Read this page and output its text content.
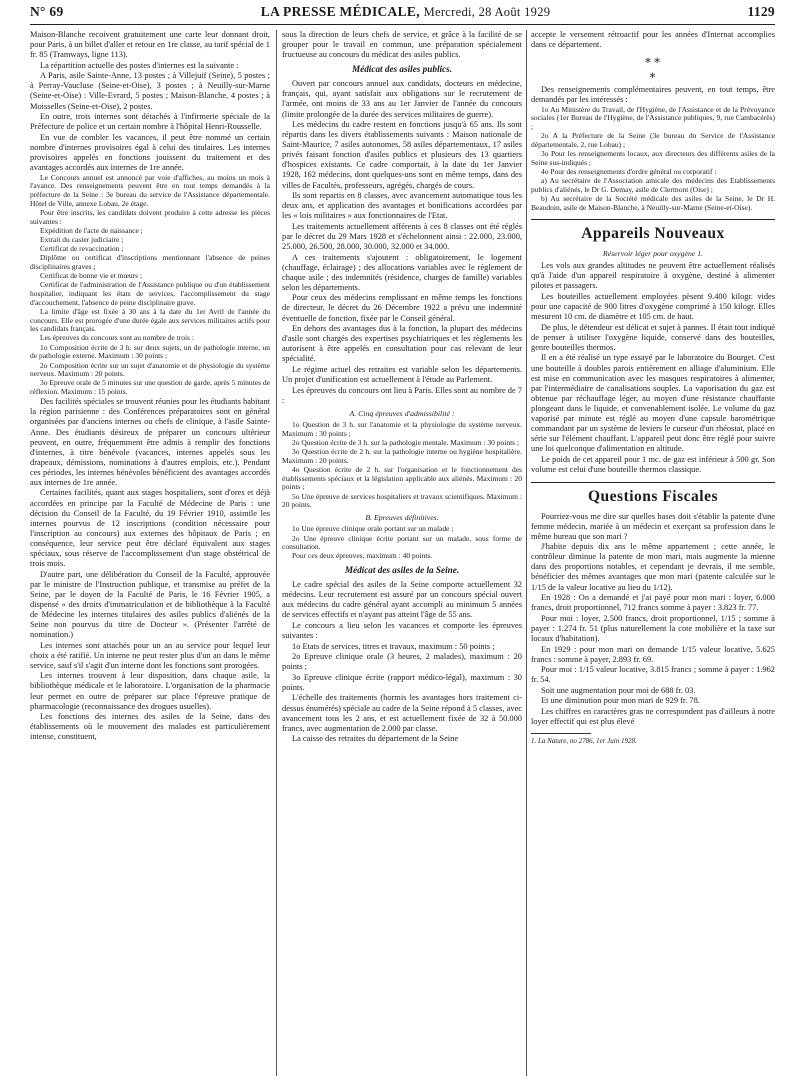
N° 69	LA PRESSE MÉDICALE, Mercredi, 28 Août 1929	1129

Maison-Blanche recoivent gratuitement une carte leur donnant droit, pour Paris, à un billet d'aller et retour en 1re classe, au tarif spécial de 1 fr. 85 (Tramways, ligne 113).

La répartition actuelle des postes d'internes est la suivante :

A Paris, asile Sainte-Anne, 13 postes ; à Villejuif (Seine), 5 postes ; à Perray-Vaucluse (Seine-et-Oise), 3 postes ; à Neuilly-sur-Marne (Seine-et-Oise) : Ville-Evrard, 5 postes ; Maison-Blanche, 4 postes ; à Moisselles (Seine-et-Oise), 2 postes.

En outre, trois internes sont détachés à l'infirmerie spéciale de la Préfecture de police et un certain nombre à l'hôpital Henri-Rousselle.

En vue de combler les vacances, il peut être nommé un certain nombre d'internes provisoires égal à celui des titulaires. Les internes provisoires appelés en fonctions jouissent du traitement et des avantages accordés aux internes de 1re année.

Le Concours annuel est annoncé par voie d'affiches, au moins un mois à l'avance. Des renseignements peuvent être en tout temps demandés à la préfecture de la Seine : 3e bureau du service de l'Assistance départementale. Hôtel de Ville, annexe Lobau, 2e étage.

Pour être inscrits, les candidats doivent produire à cette adresse les pièces suivantes :

Expédition de l'acte de naissance ;

Extrait du casier judiciaire ;

Certificat de revaccination ;

Diplôme ou certificat d'inscriptions mentionnant l'absence de peines disciplinaires graves ;

Certificat de bonne vie et mœurs ;

Certificat de l'administration de l'Assistance publique ou d'un établissement hospitalier, indiquant les états de services, l'accomplissement du stage d'accouchement, l'absence de peine disciplinaire grave.

La limite d'âge est fixée à 30 ans à la date du 1er Avril de l'année du concours. Elle est prorogée d'une durée égale aux services militaires actifs pour les candidats français.

Les épreuves du concours sont au nombre de trois :

1o Composition écrite de 3 h. sur deux sujets, un de pathologie interne, un de pathologie externe. Maximum : 30 points ;

2o Composition écrite sur un sujet d'anatomie et de physiologie du système nerveux. Maximum : 20 points.

3o Epreuve orale de 5 minutes sur une question de garde, après 5 minutes de réflexion. Maximum : 15 points.

Des facilités spéciales se trouvent réunies pour les étudiants habitant la région parisienne : des Conférences préparatoires sont en général organisées par d'anciens internes ou chefs de clinique, à l'asile Sainte-Anne. Des étudiants désireux de préparer un concours ultérieur peuvent, en outre, fréquemment être admis à remplir des fonctions d'internes, à titre bénévole (vacances, internes appelés sous les drapeaux, démissions, nominations à d'autres emplois, etc.). Pendant ces périodes, les internes bénévoles bénéficient des avantages accordés aux internes de 1re année.

Certaines facilités, quant aux stages hospitaliers, sont d'ores et déjà accordées en principe par la Faculté de Médecine de Paris : une décision du Conseil de la Faculté, du 19 Février 1910, assimile les internes pourvus de 12 inscriptions (condition nécessaire pour l'inscription au concours) aux externes des hôpitaux de Paris ; en conséquence, leur service peut être déclaré équivalent aux stages spéciaux, sous réserve de l'accomplissement d'un stage obstétrical de trois mois.

D'autre part, une délibération du Conseil de la Faculté, approuvée par le ministre de l'Instruction publique, et transmise au préfet de la Seine, par le doyen de la Faculté de Paris, le 16 Février 1905, a dispensé « des droits d'immatriculation et de bibliothèque à la Faculté de Médecine les internes titulaires des asiles publics d'aliénés de la Seine non pourvus du titre de Docteur ». (Présenter l'arrêté de nomination.)

Les internes sont attachés pour un an au service pour lequel leur choix a été ratifié. Un interne ne peut rester plus d'un an dans le même service, sauf s'il s'agit d'un interne dont les fonctions sont prorogées.

Les internes trouvent à leur disposition, dans chaque asile, la bibliothèque médicale et le laboratoire. L'organisation de la pharmacie leur permet en outre de préparer sur place l'épreuve pratique de pharmacologie (reconnaissance des drogues usuelles).

Les fonctions des internes des asiles de la Seine, dans des établissements où le mouvement des malades est particulièrement intense, constituent,

sous la direction de leurs chefs de service, et grâce à la facilité de se grouper pour le travail en commun, une préparation spécialement fructueuse au concours du médicat des asiles publics.

Médicat des asiles publics.

Ouvert par concours annuel aux candidats, docteurs en médecine, français, qui, ayant satisfait aux obligations sur le recrutement de l'armée, ont moins de 33 ans au 1er Janvier de l'année du concours (limite prolongée de la durée des services militaires de guerre).

Les médecins du cadre restent en fonctions jusqu'à 65 ans. Ils sont répartis dans les divers établissements suivants : Maison nationale de Saint-Maurice, 7 asiles autonomes, 58 asiles départementaux, 17 asiles privés faisant fonction d'asiles publics et plusieurs des 13 quartiers d'hospices existants. Ce cadre comportait, à la date du 1er Janvier 1928, 162 médecins, dont quelques-uns sont en même temps, dans des villes de Facultés, professeurs, agrégés, chargés de cours.

Ils sont repartis en 8 classes, avec avancement automatique tous les deux ans, et application des avantages et bonifications accordées par les « lois militaires » aux fonctionnaires de l'Etat.

Les traitements actuellement afférents à ces 8 classes ont été réglés par le décret du 29 Mars 1928 et s'échelonnent ainsi : 22.000, 23.000, 25.000, 26.500, 28.000, 30.000, 32.000 et 34.000.

A ces traitements s'ajoutent : obligatoirement, le logement (chauffage, éclairage) ; des allocations variables avec le règlement de chaque asile ; des indemnités (résidence, charges de famille) variables selon les départements.

Pour ceux des médecins remplissant en même temps les fonctions de directeur, le décret du 26 Décembre 1922 a prévu une indemnité éventuelle de fonction, fixée par le Conseil général.

En dehors des avantages dus à la fonction, la plupart des médecins d'asile sont chargés des expertises psychiatriques et les règlements les autorisent à être appelés en consultation pour cas relevant de leur spécialité.

Le régime actuel des retraites est variable selon les départements. Un projet d'unification est actuellement à l'étude au Parlement.

Les épreuves du concours ont lieu à Paris. Elles sont au nombre de 7 :

A. Cinq épreuves d'admissibilité :

1o Question de 3 h. sur l'anatomie et la physiologie du système nerveux. Maximum : 30 points ;

2o Question écrite de 3 h. sur la pathologie mentale. Maximum : 30 points ;

3o Question écrite de 2 h. sur la pathologie interne ou hygiène hospitalière. Maximum : 20 points.

4o Question écrite de 2 h. sur l'organisation et le fonctionnement des établissements spéciaux et la législation applicable aux aliénés. Maximum : 20 points ;

5o Une épreuve de services hospitaliers et travaux scientifiques. Maximum : 20 points.

B. Epreuves définitives.

1o Une épreuve clinique orale portant sur un malade ;

2o Une épreuve clinique écrite portant sur un malade, sous forme de consultation.

Pour ces deux épreuves, maximum : 40 points.

Médicat des asiles de la Seine.

Le cadre spécial des asiles de la Seine comporte actuellement 32 médecins. Leur recrutement est assuré par un concours spécial ouvert aux médecins du cadre général ayant accompli au minimum 5 années de services effectifs et n'ayant pas atteint l'âge de 55 ans.

Le concours a lieu selon les vacances et comporte les épreuves suivantes :

1o Etats de services, titres et travaux, maximum : 50 points ;

2o Epreuve clinique orale (3 heures, 2 malades), maximum : 20 points ;

3o Epreuve clinique écrite (rapport médico-légal), maximum : 30 points.

L'échelle des traitements (hormis les avantages hors traitement ci-dessus énumérés) spéciale au cadre de la Seine répond à 5 classes, avec avancement tous les 2 ans, et est actuellement fixée de 32 à 50.000 francs, avec augmentation de 2.000 par classe.

La caisse des retraites du département de la Seine

accepte le versement rétroactif pour les années d'Internat accomplies dans ce département.

∗∗
∗

Des renseignements complémentaires peuvent, en tout temps, être demandés par les intéressés :

1o Au Ministère du Travail, de l'Hygiène, de l'Assistance et de la Prévoyance sociales (1er Bureau de l'Hygiène, de l'Assistance publiques, 9, rue Cambacérès) ;

2o A la Préfecture de la Seine (3e bureau du Service de l'Assistance départementale, 2, rue Lobau) ;

3o Pour les renseignements locaux, aux directeurs des différents asiles de la Seine sus-indiqués ;

4o Pour des renseignements d'ordre général ou corporatif :

a) Au secrétaire de l'Association amicale des médecins des Etablissements publics d'aliénés, le Dr G. Demay, asile de Clermont (Oise) ;

b) Au secrétaire de la Société médicale des asiles de la Seine, le Dr H. Beaudoin, asile de Maison-Blanche, à Neuilly-sur-Marne (Seine-et-Oise).

Appareils Nouveaux
Réservoir léger pour oxygène 1.

Les vols aux grandes altitudes ne peuvent être actuellement réalisés qu'à l'aide d'un appareil respiratoire à oxygène, destiné à alimenter pilotes et passagers.

Les bouteilles actuellement employées pèsent 9.400 kilogr. vides pour une capacité de 900 litres d'oxygène comprimé à 150 kilogr. Elles mesurent 10 cm. de diamètre et 105 cm. de haut.

De plus, le détendeur est délicat et sujet à pannes. Il était tout indiqué de penser à utiliser l'oxygène liquide, conservé dans des bouteilles, genre bouteilles thermos.

Il en a été réalisé un type essayé par le laboratoire du Bourget. C'est une bouteille à doubles parois entièrement en alliage d'aluminium. Elle est mise en communication avec les masques respiratoires à alimenter, par l'intermédiaire de canalisations souples. La vaporisation du gaz est obtenue par réchauffage léger, au moyen d'une résistance chauffante plongeant dans le liquide, et convenablement isolée. Le volume du gaz vaporisé par minute est réglé au moyen d'une capsule barométrique commandant par un système de leviers le curseur d'un rhéostat, placé en série sur l'élément chauffant. L'appareil peut donc être réglé pour suivre une loi quelconque d'alimentation en altitude.

Le poids de cet appareil pour 1 mc. de gaz est inférieur à 500 gr. Son volume est celui d'une bouteille thermos classique.

Questions Fiscales

Pourriez-vous me dire sur quelles bases doit s'établir la patente d'une femme médecin, mariée à un médecin et exerçant sa profession dans le même bureau que son mari ?

J'habite depuis dix ans le même appartement ; cette année, le contrôleur diminue la patente de mon mari, mais augmente la mienne dans des proportions notables, et cependant je devrais, il me semble, bénéficier des mêmes avantages que mon mari (patente calculée sur le 1/15 de la valeur locative au lieu du 1/12).

En 1928 : On a demandé et j'ai payé pour mon mari : loyer, 6.000 francs, droit proportionnel, 712 francs somme à payer : 3.823 fr. 77.

Pour moi : loyer, 2.500 francs, droit proportionnel, 1/15 ; somme à payer : 1.274 fr. 51 (plus naturellement la cote mobilière et la taxe sur locaux d'habitation).

En 1929 : pour mon mari on demande 1/15 valeur locative, 5.625 francs : somme à payer, 2.893 fr. 69.

Pour moi : 1/15 valeur locative, 3.815 francs ; somme à payer : 1.962 fr. 54.

Soit une augmentation pour moi de 688 fr. 03.

Et une diminution pour mon mari de 929 fr. 78.

Les chiffres en caractères gras ne correspondent pas d'ailleurs à notre loyer effectif qui est plus élevé

1. La Nature, no 2786, 1er Juin 1928.
